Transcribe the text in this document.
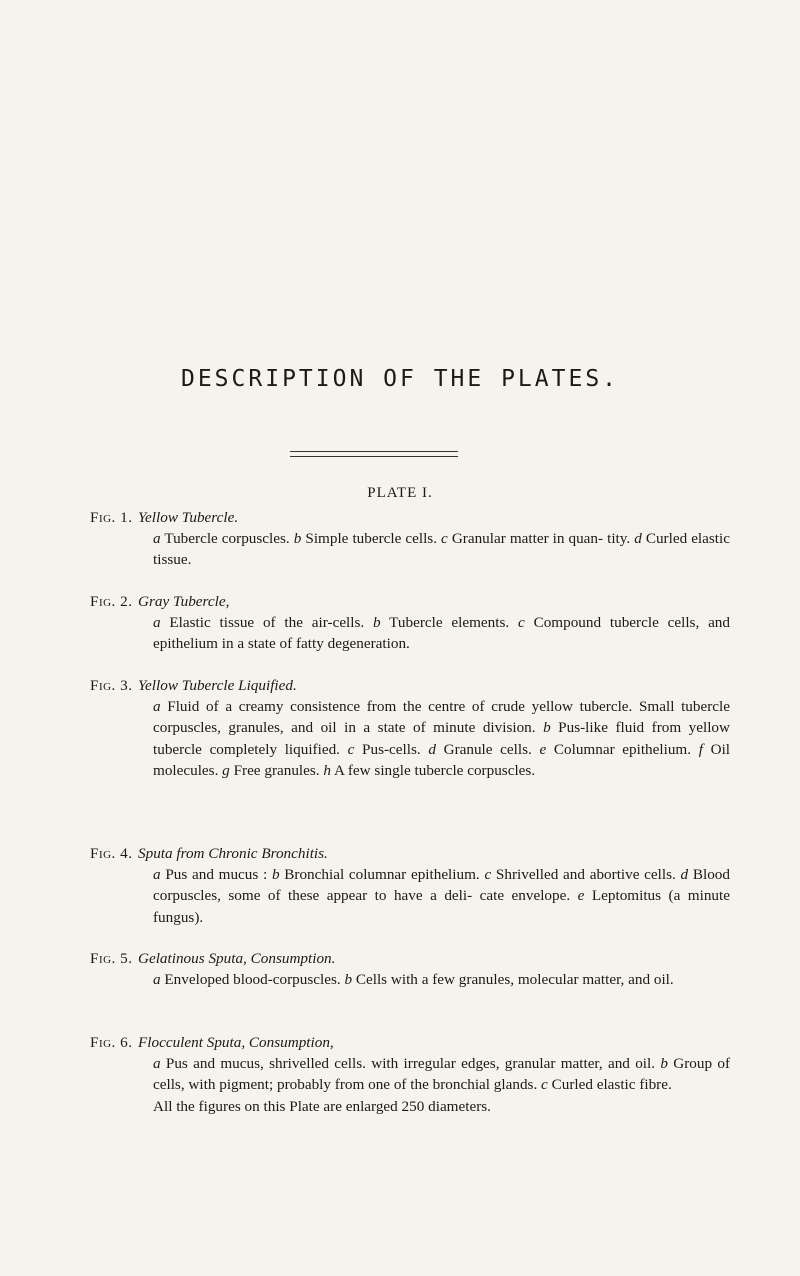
DESCRIPTION OF THE PLATES.
PLATE I.
Fig. 1. Yellow Tubercle.
a Tubercle corpuscles. b Simple tubercle cells. c Granular matter in quan- tity. d Curled elastic tissue.
Fig. 2. Gray Tubercle,
a Elastic tissue of the air-cells. b Tubercle elements. c Compound tubercle cells, and epithelium in a state of fatty degeneration.
Fig. 3. Yellow Tubercle Liquified.
a Fluid of a creamy consistence from the centre of crude yellow tubercle. Small tubercle corpuscles, granules, and oil in a state of minute division. b Pus-like fluid from yellow tubercle completely liquified. c Pus-cells. d Granule cells. e Columnar epithelium. f Oil molecules. g Free granules. h A few single tubercle corpuscles.
Fig. 4. Sputa from Chronic Bronchitis.
a Pus and mucus : b Bronchial columnar epithelium. c Shrivelled and abortive cells. d Blood corpuscles, some of these appear to have a deli- cate envelope. e Leptomitus (a minute fungus).
Fig. 5. Gelatinous Sputa, Consumption.
a Enveloped blood-corpuscles. b Cells with a few granules, molecular matter, and oil.
Fig. 6. Flocculent Sputa, Consumption,
a Pus and mucus, shrivelled cells. with irregular edges, granular matter, and oil. b Group of cells, with pigment; probably from one of the bronchial glands. c Curled elastic fibre.
All the figures on this Plate are enlarged 250 diameters.
